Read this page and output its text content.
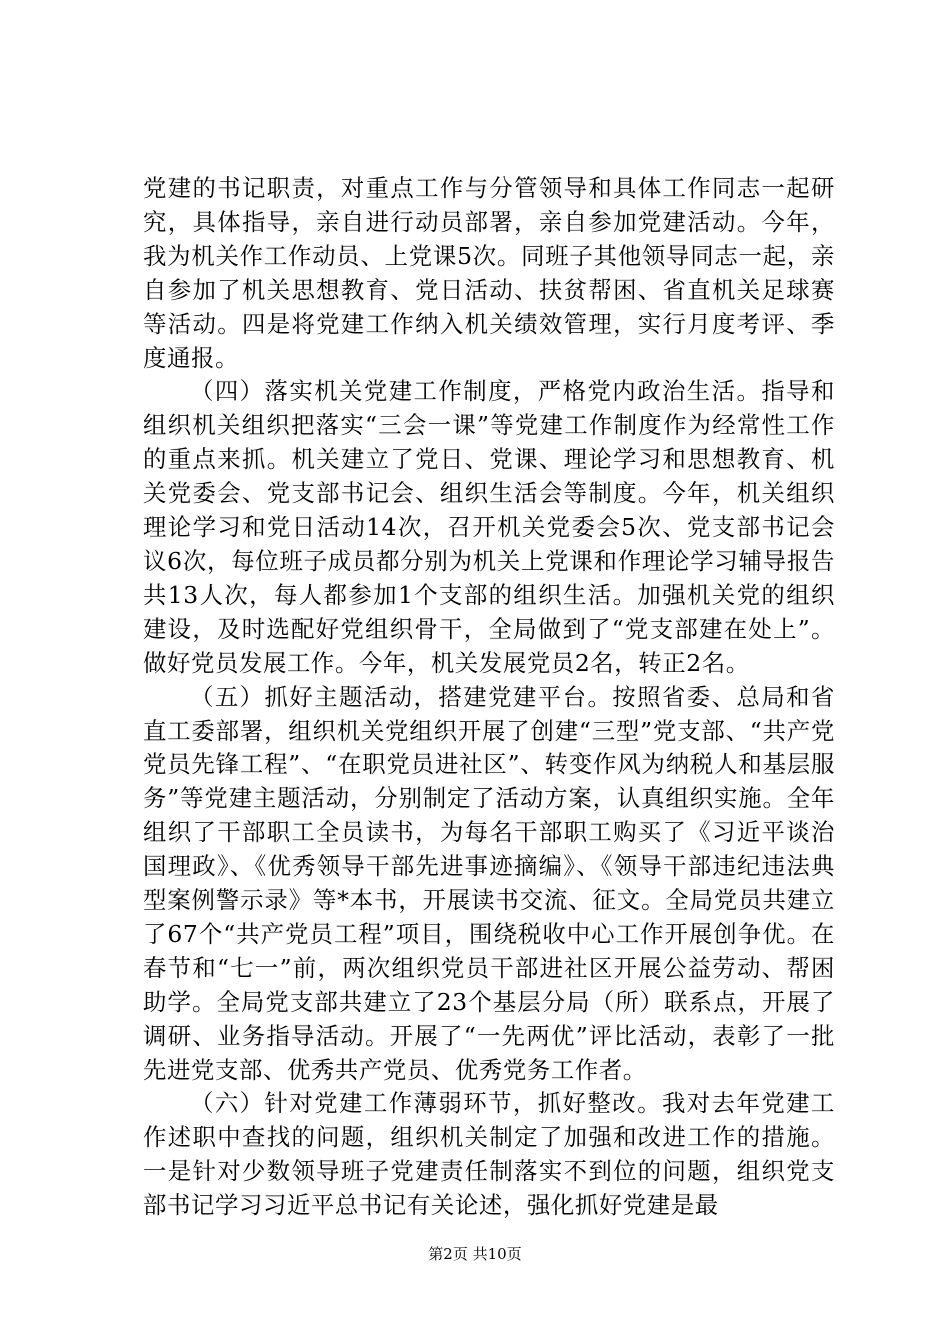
党建的书记职责，对重点工作与分管领导和具体工作同志一起研究，具体指导，亲自进行动员部署，亲自参加党建活动。今年，我为机关作工作动员、上党课5次。同班子其他领导同志一起，亲自参加了机关思想教育、党日活动、扶贫帮困、省直机关足球赛等活动。四是将党建工作纳入机关绩效管理，实行月度考评、季度通报。

（四）落实机关党建工作制度，严格党内政治生活。指导和组织机关组织把落实“三会一课”等党建工作制度作为经常性工作的重点来抓。机关建立了党日、党课、理论学习和思想教育、机关党委会、党支部书记会、组织生活会等制度。今年，机关组织理论学习和党日活动14次，召开机关党委会5次、党支部书记会议6次，每位班子成员都分别为机关上党课和作理论学习辅导报告共13人次，每人都参加1个支部的组织生活。加强机关党的组织建设，及时选配好党组织骨干，全局做到了“党支部建在处上”。做好党员发展工作。今年，机关发展党员2名，转正2名。

（五）抓好主题活动，搭建党建平台。按照省委、总局和省直工委部署，组织机关党组织开展了创建“三型”党支部、“共产党党员先锋工程”、“在职党员进社区”、转变作风为纳税人和基层服务”等党建主题活动，分别制定了活动方案，认真组织实施。全年组织了干部职工全员读书，为每名干部职工购买了《习近平谈治国理政》、《优秀领导干部先进事迹摘编》、《领导干部违纪违法典型案例警示录》等*本书，开展读书交流、征文。全局党员共建立了67个“共产党员工程”项目，围绕税收中心工作开展创争优。在春节和“七一”前，两次组织党员干部进社区开展公益劳动、帮困助学。全局党支部共建立了23个基层分局（所）联系点，开展了调研、业务指导活动。开展了“一先两优”评比活动，表彰了一批先进党支部、优秀共产党员、优秀党务工作者。

（六）针对党建工作薄弱环节，抓好整改。我对去年党建工作述职中查找的问题，组织机关制定了加强和改进工作的措施。一是针对少数领导班子党建责任制落实不到位的问题，组织党支部书记学习习近平总书记有关论述，强化抓好党建是最

第2页 共10页
